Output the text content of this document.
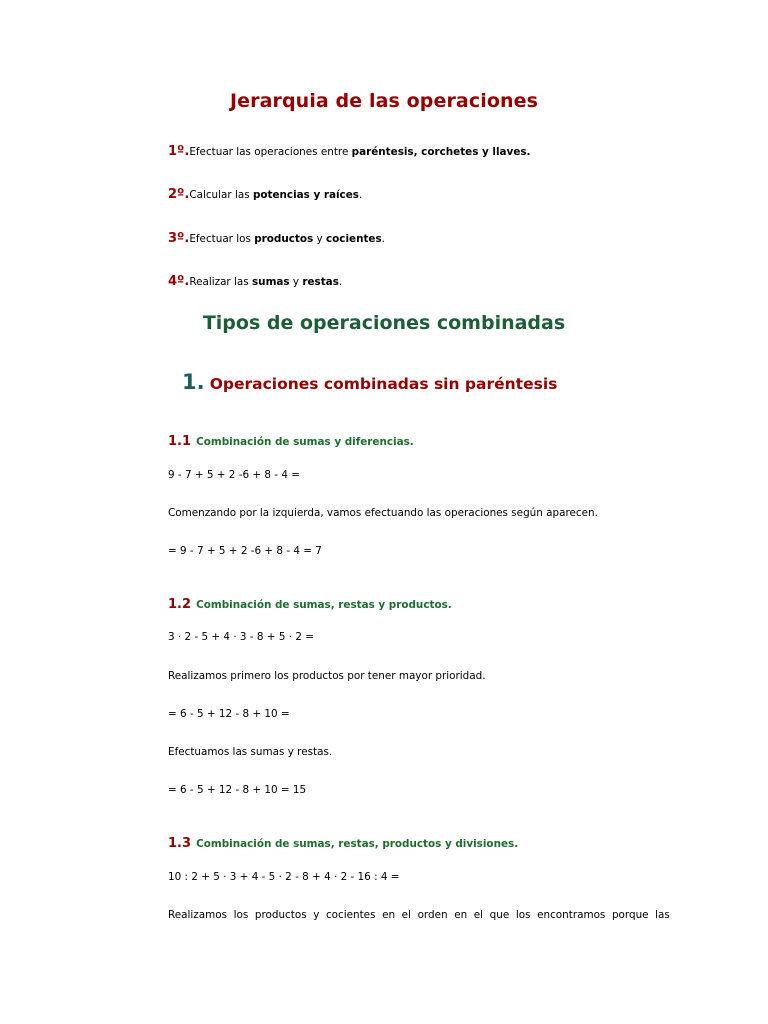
Jerarquia de las operaciones
1º.Efectuar las operaciones entre paréntesis, corchetes y llaves.
2º.Calcular las potencias y raíces.
3º.Efectuar los productos y cocientes.
4º.Realizar las sumas y restas.
Tipos de operaciones combinadas
1. Operaciones combinadas sin paréntesis
1.1 Combinación de sumas y diferencias.
9 - 7 + 5 + 2 -6 + 8 - 4 =
Comenzando por la izquierda, vamos efectuando las operaciones según aparecen.
= 9 - 7 + 5 + 2 -6 + 8 - 4 = 7
1.2 Combinación de sumas, restas y productos.
3 · 2 - 5 + 4 · 3 - 8 + 5 · 2 =
Realizamos primero los productos por tener mayor prioridad.
= 6 - 5 + 12 - 8 + 10 =
Efectuamos las sumas y restas.
= 6 - 5 + 12 - 8 + 10 = 15
1.3 Combinación de sumas, restas, productos y divisiones.
10 : 2 + 5 · 3 + 4 - 5 · 2 - 8 + 4 · 2 - 16 : 4 =
Realizamos  los  productos  y  cocientes  en  el  orden  en  el  que  los  encontramos  porque  las
